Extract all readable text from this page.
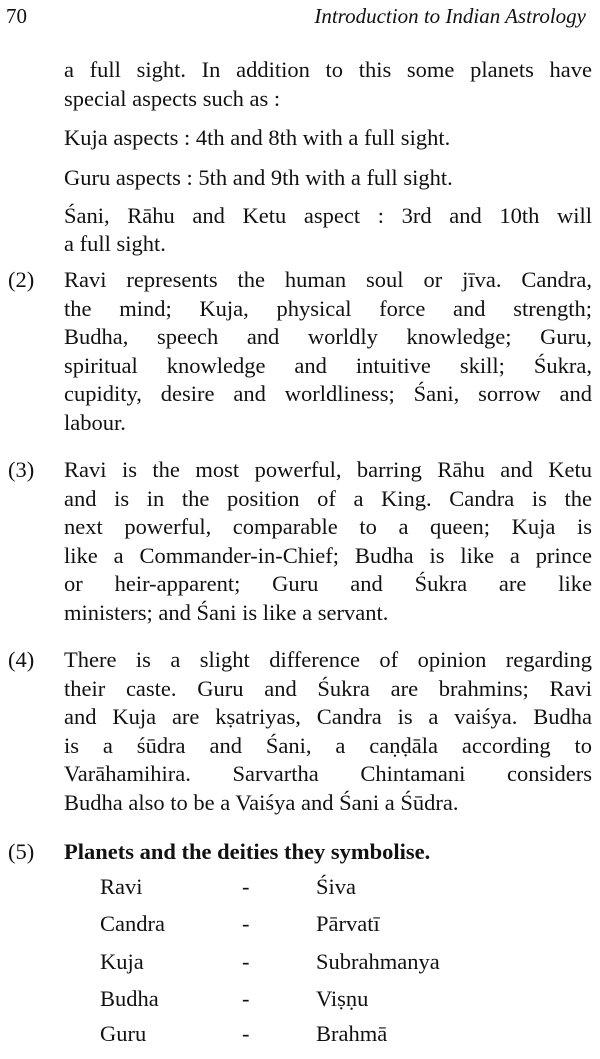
70	Introduction to Indian Astrology
a full sight. In addition to this some planets have
special aspects such as :
Kuja aspects : 4th and 8th with a full sight.
Guru aspects : 5th and 9th with a full sight.
Śani, Rāhu and Ketu aspect : 3rd and 10th will
a full sight.
(2) Ravi represents the human soul or jīva. Candra,
the mind; Kuja, physical force and strength;
Budha, speech and worldly knowledge; Guru,
spiritual knowledge and intuitive skill; Śukra,
cupidity, desire and worldliness; Śani, sorrow and
labour.
(3) Ravi is the most powerful, barring Rāhu and Ketu
and is in the position of a King. Candra is the
next powerful, comparable to a queen; Kuja is
like a Commander-in-Chief; Budha is like a prince
or heir-apparent; Guru and Śukra are like
ministers; and Śani is like a servant.
(4) There is a slight difference of opinion regarding
their caste. Guru and Śukra are brahmins; Ravi
and Kuja are kṣatriyas, Candra is a vaiśya. Budha
is a śūdra and Śani, a caṇḍāla according to
Varāhamihira. Sarvartha Chintamani considers
Budha also to be a Vaiśya and Śani a Śūdra.
(5) Planets and the deities they symbolise.
Ravi	-	Śiva
Candra	-	Pārvatī
Kuja	-	Subrahmanya
Budha	-	Viṣṇu
Guru	-	Brahmā
